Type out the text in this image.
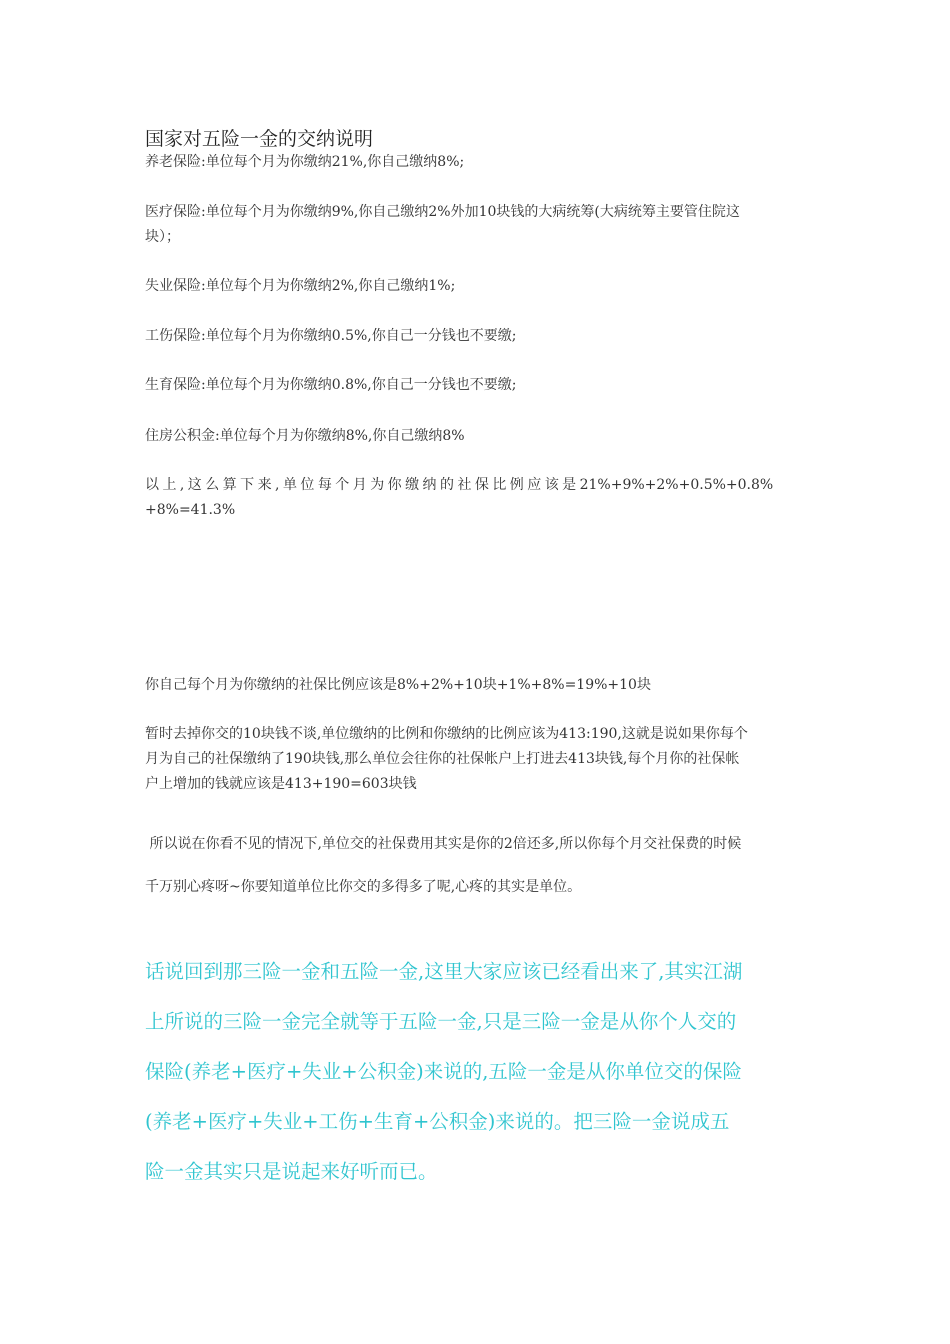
国家对五险一金的交纳说明
养老保险:单位每个月为你缴纳21%,你自己缴纳8%;
医疗保险:单位每个月为你缴纳9%,你自己缴纳2%外加10块钱的大病统筹(大病统筹主要管住院这
块）；
失业保险:单位每个月为你缴纳2%,你自己缴纳1%;
工伤保险:单位每个月为你缴纳0.5%,你自己一分钱也不要缴;
生育保险:单位每个月为你缴纳0.8%,你自己一分钱也不要缴;
住房公积金:单位每个月为你缴纳8%,你自己缴纳8%
以 上 , 这 么 算 下 来 , 单 位 每 个 月 为 你 缴 纳 的 社 保 比 例 应 该 是 21%+9%+2%+0.5%+0.8%
+8%=41.3%
你自己每个月为你缴纳的社保比例应该是8%+2%+10块+1%+8%=19%+10块
暂时去掉你交的10块钱不谈,单位缴纳的比例和你缴纳的比例应该为413:190,这就是说如果你每个
月为自己的社保缴纳了190块钱,那么单位会往你的社保帐户上打进去413块钱,每个月你的社保帐
户上增加的钱就应该是413+190=603块钱
所以说在你看不见的情况下,单位交的社保费用其实是你的2倍还多,所以你每个月交社保费的时候
千万别心疼呀~你要知道单位比你交的多得多了呢,心疼的其实是单位。
话说回到那三险一金和五险一金,这里大家应该已经看出来了,其实江湖
上所说的三险一金完全就等于五险一金,只是三险一金是从你个人交的
保险(养老+医疗+失业+公积金)来说的,五险一金是从你单位交的保险
(养老+医疗+失业+工伤+生育+公积金)来说的。把三险一金说成五
险一金其实只是说起来好听而已。
